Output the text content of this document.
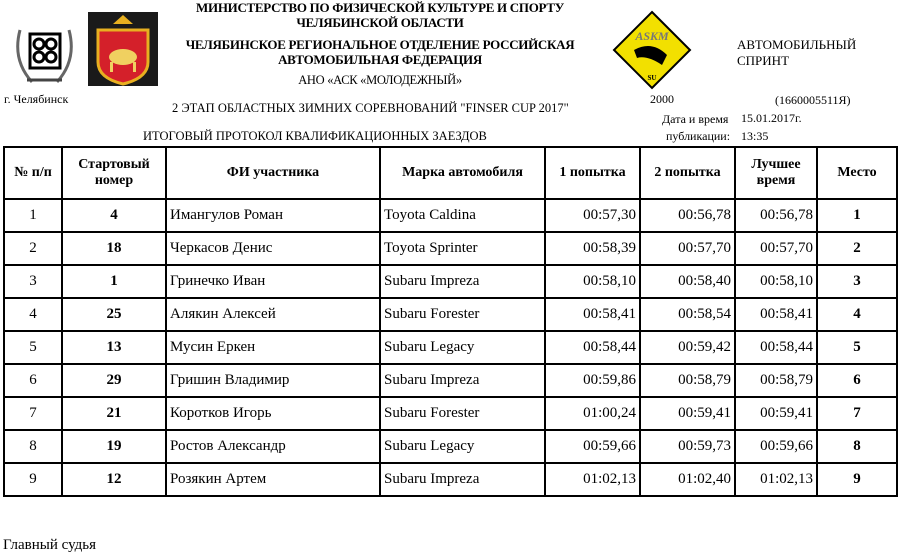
МИНИСТЕРСТВО ПО ФИЗИЧЕСКОЙ КУЛЬТУРЕ И СПОРТУ
ЧЕЛЯБИНСКОЙ ОБЛАСТИ
ЧЕЛЯБИНСКОЕ РЕГИОНАЛЬНОЕ ОТДЕЛЕНИЕ РОССИЙСКАЯ
АВТОМОБИЛЬНАЯ ФЕДЕРАЦИЯ
АНО «АСК «МОЛОДЕЖНЫЙ»
ASKM
SU
АВТОМОБИЛЬНЫЙ
СПРИНТ
г. Челябинск
2 ЭТАП ОБЛАСТНЫХ ЗИМНИХ СОРЕВНОВАНИЙ "FINSER CUP 2017"
2000	(1660005511Я)
Дата и время 15.01.2017г.
ИТОГОВЫЙ ПРОТОКОЛ КВАЛИФИКАЦИОННЫХ ЗАЕЗДОВ	публикации: 13:35
№ п/п	Стартовый номер	ФИ участника	Марка автомобиля	1 попытка	2 попытка	Лучшее время	Место
1	4	Имангулов Роман	Toyota Caldina	00:57,30	00:56,78	00:56,78	1
2	18	Черкасов Денис	Toyota Sprinter	00:58,39	00:57,70	00:57,70	2
3	1	Гринечко Иван	Subaru Impreza	00:58,10	00:58,40	00:58,10	3
4	25	Алякин Алексей	Subaru Forester	00:58,41	00:58,54	00:58,41	4
5	13	Мусин Еркен	Subaru Legacy	00:58,44	00:59,42	00:58,44	5
6	29	Гришин Владимир	Subaru Impreza	00:59,86	00:58,79	00:58,79	6
7	21	Коротков Игорь	Subaru Forester	01:00,24	00:59,41	00:59,41	7
8	19	Ростов Александр	Subaru Legacy	00:59,66	00:59,73	00:59,66	8
9	12	Розякин Артем	Subaru Impreza	01:02,13	01:02,40	01:02,13	9
Главный судья
